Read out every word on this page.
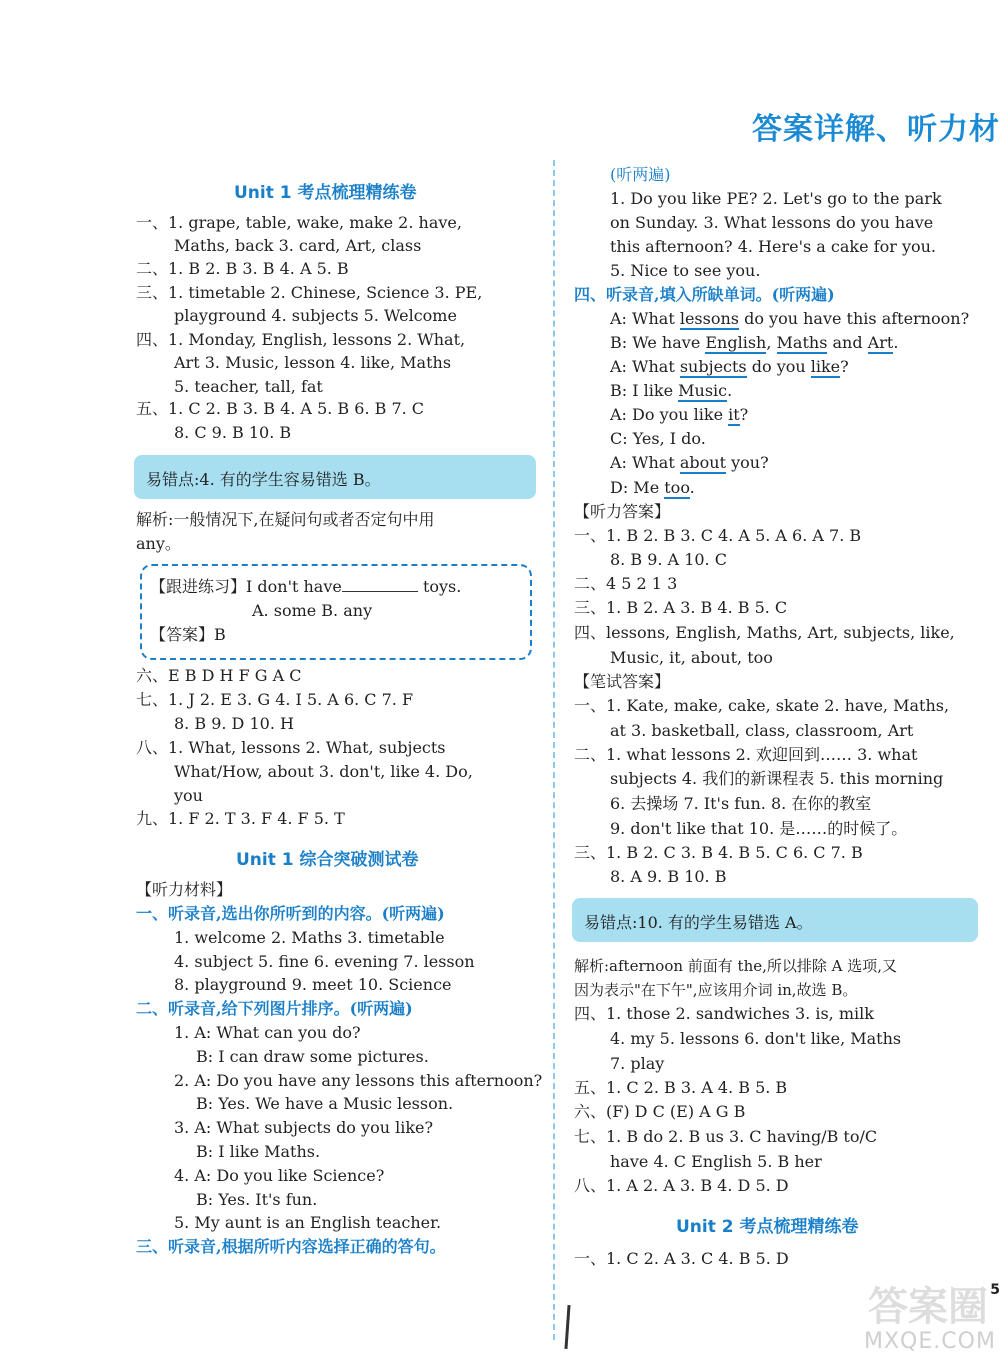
答案详解、听力材
Unit 1 考点梳理精练卷
一、1. grape, table, wake, make 2. have,
Maths, back 3. card, Art, class
二、1. B 2. B 3. B 4. A 5. B
三、1. timetable 2. Chinese, Science 3. PE,
playground 4. subjects 5. Welcome
四、1. Monday, English, lessons 2. What,
Art 3. Music, lesson 4. like, Maths
5. teacher, tall, fat
五、1. C 2. B 3. B 4. A 5. B 6. B 7. C
8. C 9. B 10. B
易错点:4. 有的学生容易错选 B。
解析:一般情况下,在疑问句或者否定句中用
any。
【跟进练习】I don't have	toys.
A. some B. any
【答案】B
六、E B D H F G A C
七、1. J 2. E 3. G 4. I 5. A 6. C 7. F
8. B 9. D 10. H
八、1. What, lessons 2. What, subjects
What/How, about 3. don't, like 4. Do,
you
九、1. F 2. T 3. F 4. F 5. T
Unit 1 综合突破测试卷
【听力材料】
一、听录音,选出你所听到的内容。(听两遍)
1. welcome 2. Maths 3. timetable
4. subject 5. fine 6. evening 7. lesson
8. playground 9. meet 10. Science
二、听录音,给下列图片排序。(听两遍)
1. A: What can you do?
B: I can draw some pictures.
2. A: Do you have any lessons this afternoon?
B: Yes. We have a Music lesson.
3. A: What subjects do you like?
B: I like Maths.
4. A: Do you like Science?
B: Yes. It's fun.
5. My aunt is an English teacher.
三、听录音,根据所听内容选择正确的答句。
(听两遍)
1. Do you like PE? 2. Let's go to the park
on Sunday. 3. What lessons do you have
this afternoon? 4. Here's a cake for you.
5. Nice to see you.
四、听录音,填入所缺单词。(听两遍)
A: What lessons do you have this afternoon?
B: We have English, Maths and Art.
A: What subjects do you like?
B: I like Music.
A: Do you like it?
C: Yes, I do.
A: What about you?
D: Me too.
【听力答案】
一、1. B 2. B 3. C 4. A 5. A 6. A 7. B
8. B 9. A 10. C
二、4 5 2 1 3
三、1. B 2. A 3. B 4. B 5. C
四、lessons, English, Maths, Art, subjects, like,
Music, it, about, too
【笔试答案】
一、1. Kate, make, cake, skate 2. have, Maths,
at 3. basketball, class, classroom, Art
二、1. what lessons 2. 欢迎回到…… 3. what
subjects 4. 我们的新课程表 5. this morning
6. 去操场 7. It's fun. 8. 在你的教室
9. don't like that 10. 是……的时候了。
三、1. B 2. C 3. B 4. B 5. C 6. C 7. B
8. A 9. B 10. B
易错点:10. 有的学生易错选 A。
解析:afternoon 前面有 the,所以排除 A 选项,又
因为表示"在下午",应该用介词 in,故选 B。
四、1. those 2. sandwiches 3. is, milk
4. my 5. lessons 6. don't like, Maths
7. play
五、1. C 2. B 3. A 4. B 5. B
六、(F) D C (E) A G B
七、1. B do 2. B us 3. C having/B to/C
have 4. C English 5. B her
八、1. A 2. A 3. B 4. D 5. D
Unit 2 考点梳理精练卷
一、1. C 2. A 3. C 4. B 5. D
答案圈
MXQE.COM
5
